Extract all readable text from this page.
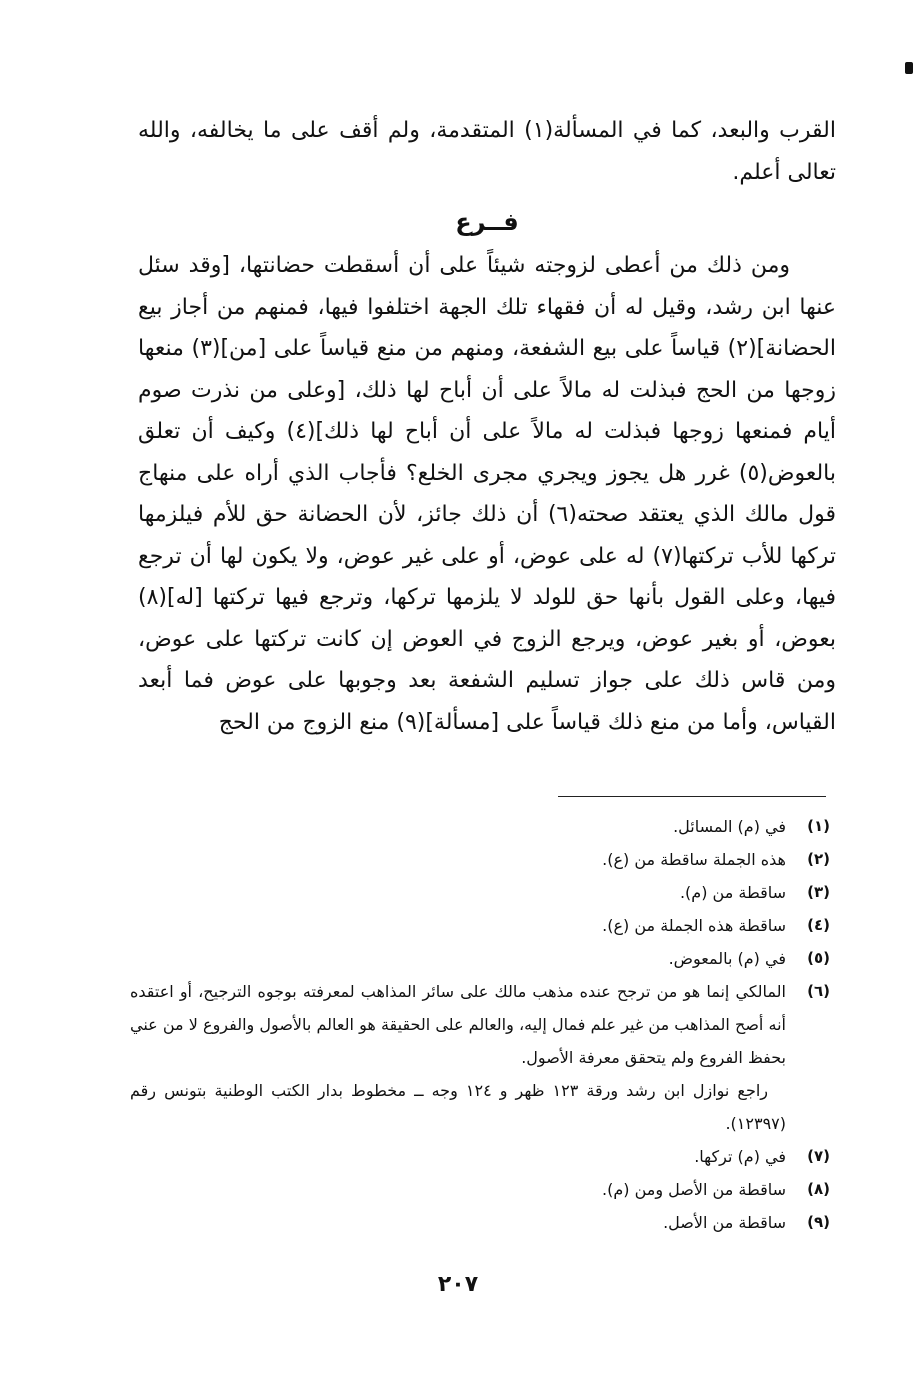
القرب والبعد، كما في المسألة(١) المتقدمة، ولم أقف على ما يخالفه، والله تعالى أعلم.

فــرع

ومن ذلك من أعطى لزوجته شيئاً على أن أسقطت حضانتها، [وقد سئل عنها ابن رشد، وقيل له أن فقهاء تلك الجهة اختلفوا فيها، فمنهم من أجاز بيع الحضانة](٢) قياساً على بيع الشفعة، ومنهم من منع قياساً على [من](٣) منعها زوجها من الحج فبذلت له مالاً على أن أباح لها ذلك، [وعلى من نذرت صوم أيام فمنعها زوجها فبذلت له مالاً على أن أباح لها ذلك](٤) وكيف أن تعلق بالعوض(٥) غرر هل يجوز ويجري مجرى الخلع؟ فأجاب الذي أراه على منهاج قول مالك الذي يعتقد صحته(٦) أن ذلك جائز، لأن الحضانة حق للأم فيلزمها تركها للأب تركتها(٧) له على عوض، أو على غير عوض، ولا يكون لها أن ترجع فيها، وعلى القول بأنها حق للولد لا يلزمها تركها، وترجع فيها تركتها [له](٨) بعوض، أو بغير عوض، ويرجع الزوج في العوض إن كانت تركتها على عوض، ومن قاس ذلك على جواز تسليم الشفعة بعد وجوبها على عوض فما أبعد القياس، وأما من منع ذلك قياساً على [مسألة](٩) منع الزوج من الحج

(١)
في (م) المسائل.
(٢)
هذه الجملة ساقطة من (ع).
(٣)
ساقطة من (م).
(٤)
ساقطة هذه الجملة من (ع).
(٥)
في (م) بالمعوض.
(٦)
المالكي إنما هو من ترجح عنده مذهب مالك على سائر المذاهب لمعرفته بوجوه الترجيح، أو اعتقده أنه أصح المذاهب من غير علم فمال إليه، والعالم على الحقيقة هو العالم بالأصول والفروع لا من عني بحفظ الفروع ولم يتحقق معرفة الأصول.
راجع نوازل ابن رشد ورقة ١٢٣ ظهر و ١٢٤ وجه ــ مخطوط بدار الكتب الوطنية بتونس رقم (١٢٣٩٧).
(٧)
في (م) تركها.
(٨)
ساقطة من الأصل ومن (م).
(٩)
ساقطة من الأصل.
٢٠٧
